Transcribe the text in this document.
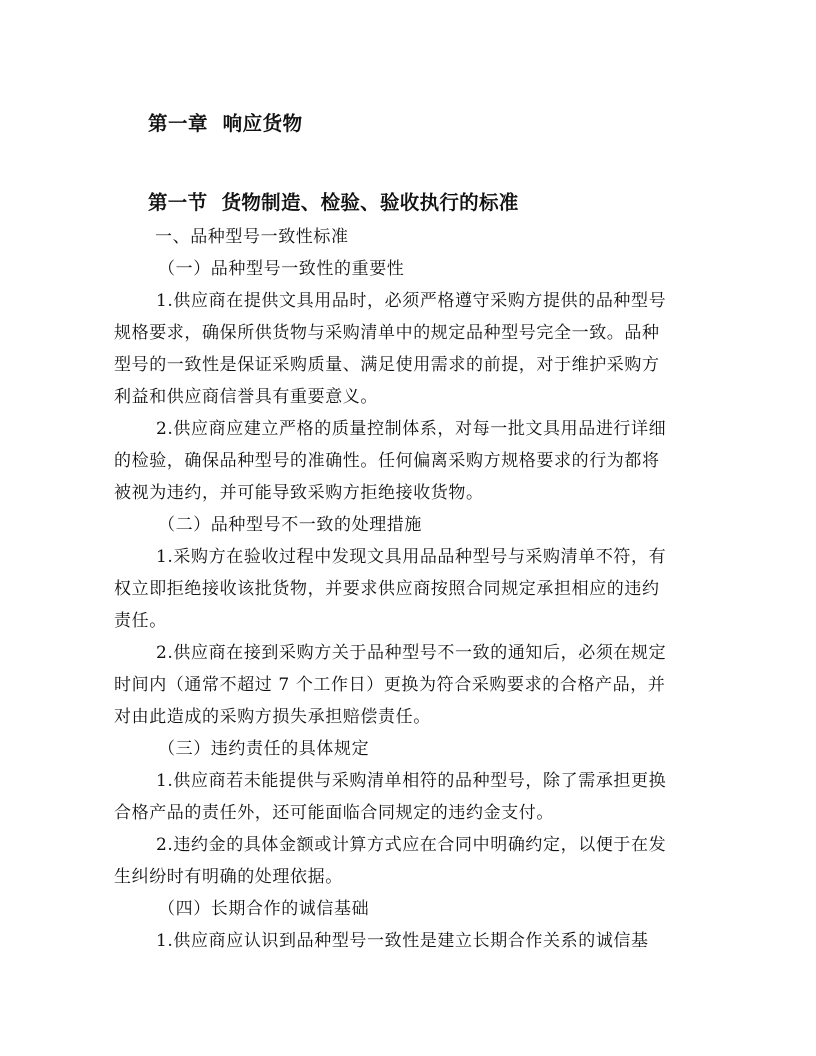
第一章  响应货物
第一节  货物制造、检验、验收执行的标准
一、品种型号一致性标准
（一）品种型号一致性的重要性
1.供应商在提供文具用品时，必须严格遵守采购方提供的品种型号
规格要求，确保所供货物与采购清单中的规定品种型号完全一致。品种
型号的一致性是保证采购质量、满足使用需求的前提，对于维护采购方
利益和供应商信誉具有重要意义。
2.供应商应建立严格的质量控制体系，对每一批文具用品进行详细
的检验，确保品种型号的准确性。任何偏离采购方规格要求的行为都将
被视为违约，并可能导致采购方拒绝接收货物。
（二）品种型号不一致的处理措施
1.采购方在验收过程中发现文具用品品种型号与采购清单不符，有
权立即拒绝接收该批货物，并要求供应商按照合同规定承担相应的违约
责任。
2.供应商在接到采购方关于品种型号不一致的通知后，必须在规定
时间内（通常不超过 7 个工作日）更换为符合采购要求的合格产品，并
对由此造成的采购方损失承担赔偿责任。
（三）违约责任的具体规定
1.供应商若未能提供与采购清单相符的品种型号，除了需承担更换
合格产品的责任外，还可能面临合同规定的违约金支付。
2.违约金的具体金额或计算方式应在合同中明确约定，以便于在发
生纠纷时有明确的处理依据。
（四）长期合作的诚信基础
1.供应商应认识到品种型号一致性是建立长期合作关系的诚信基
